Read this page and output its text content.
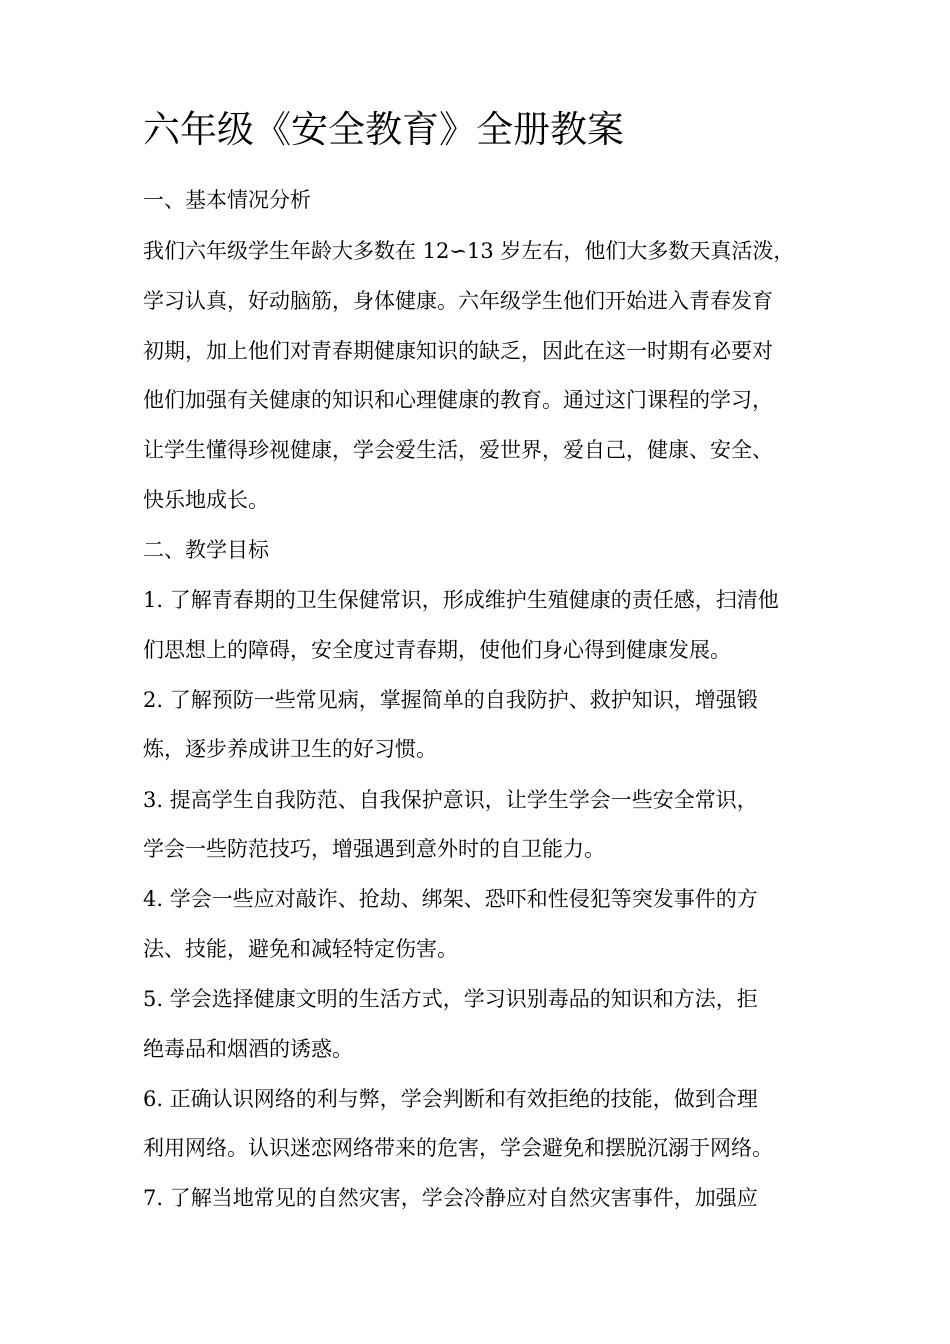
六年级《安全教育》全册教案

一、基本情况分析

我们六年级学生年龄大多数在 12∽13 岁左右，他们大多数天真活泼，

学习认真，好动脑筋，身体健康。六年级学生他们开始进入青春发育

初期，加上他们对青春期健康知识的缺乏，因此在这一时期有必要对

他们加强有关健康的知识和心理健康的教育。通过这门课程的学习，

让学生懂得珍视健康，学会爱生活，爱世界，爱自己，健康、安全、

快乐地成长。

二、教学目标

1. 了解青春期的卫生保健常识，形成维护生殖健康的责任感，扫清他

们思想上的障碍，安全度过青春期，使他们身心得到健康发展。

2. 了解预防一些常见病，掌握简单的自我防护、救护知识，增强锻

炼，逐步养成讲卫生的好习惯。

3. 提高学生自我防范、自我保护意识，让学生学会一些安全常识，

学会一些防范技巧，增强遇到意外时的自卫能力。

4. 学会一些应对敲诈、抢劫、绑架、恐吓和性侵犯等突发事件的方

法、技能，避免和减轻特定伤害。

5. 学会选择健康文明的生活方式，学习识别毒品的知识和方法，拒

绝毒品和烟酒的诱惑。

6. 正确认识网络的利与弊，学会判断和有效拒绝的技能，做到合理

利用网络。认识迷恋网络带来的危害，学会避免和摆脱沉溺于网络。

7. 了解当地常见的自然灾害，学会冷静应对自然灾害事件，加强应
